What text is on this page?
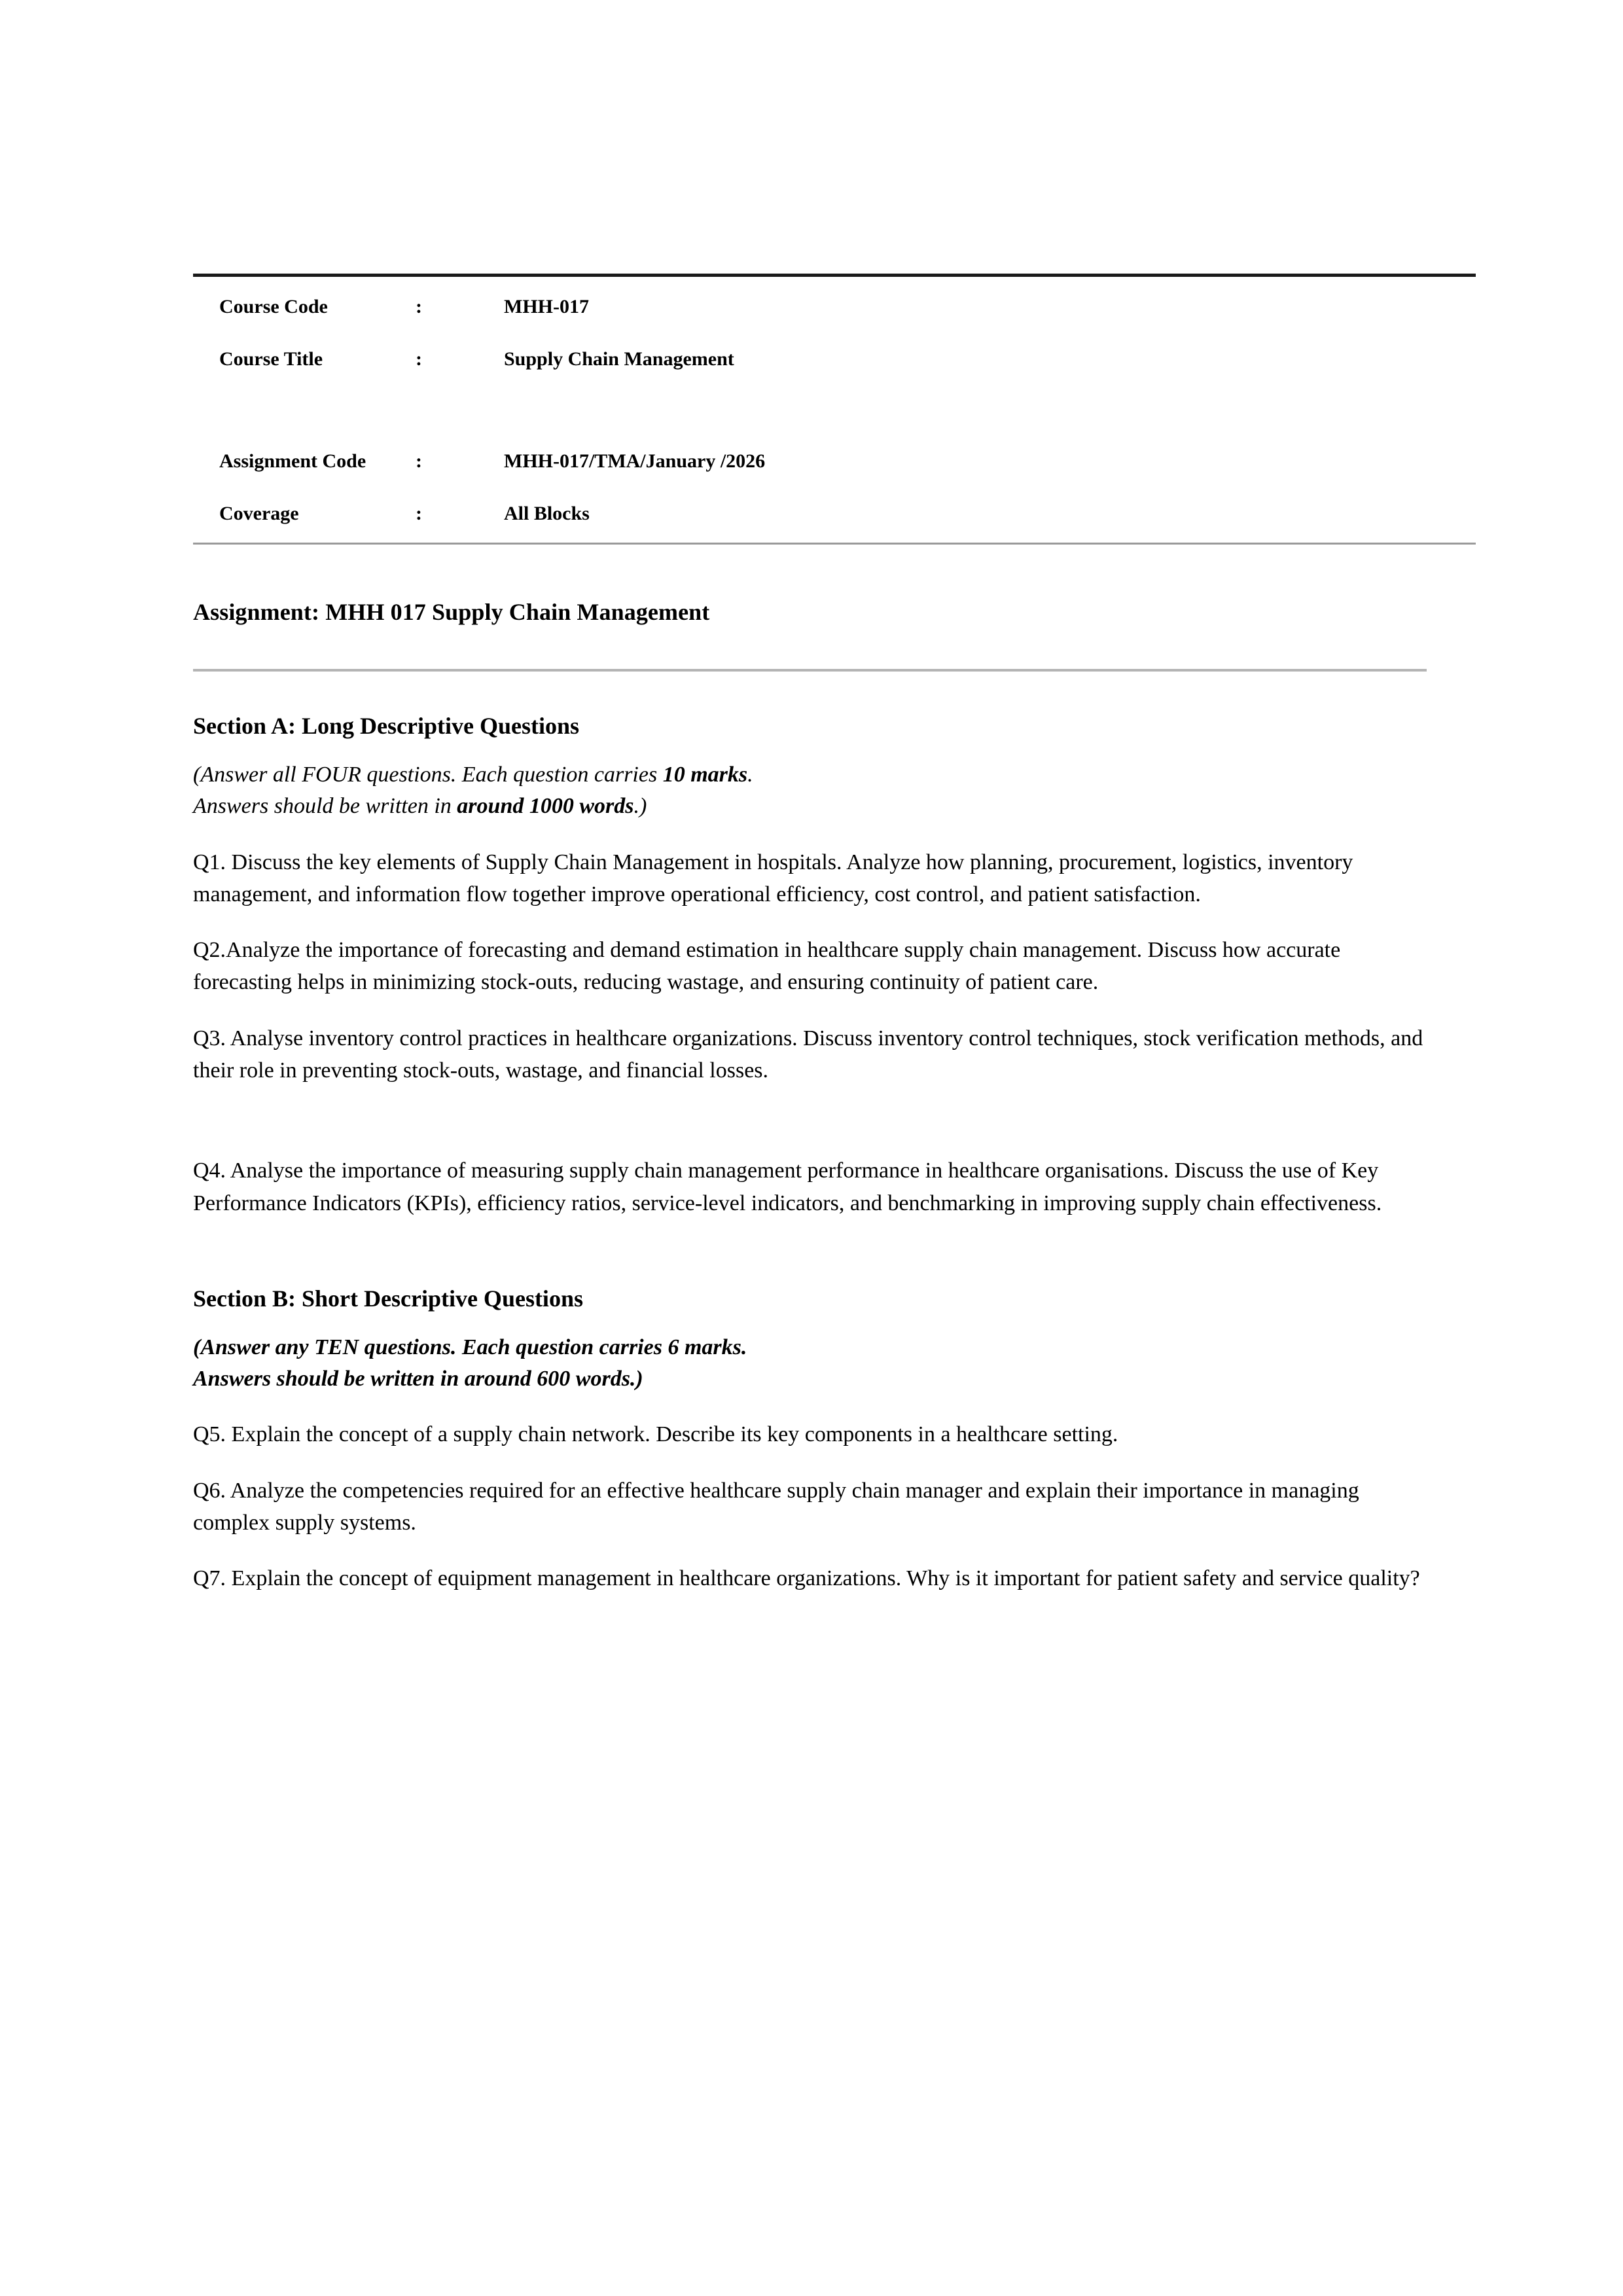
Course Code	:	MHH-017
Course Title	:	Supply Chain Management
Assignment Code	:	MHH-017/TMA/January /2026
Coverage	:	All Blocks
Assignment: MHH 017 Supply Chain Management
Section A: Long Descriptive Questions
(Answer all FOUR questions. Each question carries 10 marks.
Answers should be written in around 1000 words.)
Q1. Discuss the key elements of Supply Chain Management in hospitals. Analyze how planning, procurement, logistics, inventory management, and information flow together improve operational efficiency, cost control, and patient satisfaction.
Q2.Analyze the importance of forecasting and demand estimation in healthcare supply chain management. Discuss how accurate forecasting helps in minimizing stock-outs, reducing wastage, and ensuring continuity of patient care.
Q3. Analyse inventory control practices in healthcare organizations. Discuss inventory control techniques, stock verification methods, and their role in preventing stock-outs, wastage, and financial losses.
Q4. Analyse the importance of measuring supply chain management performance in healthcare organisations. Discuss the use of Key Performance Indicators (KPIs), efficiency ratios, service-level indicators, and benchmarking in improving supply chain effectiveness.
Section B: Short Descriptive Questions
(Answer any TEN questions. Each question carries 6 marks.
Answers should be written in around 600 words.)
Q5. Explain the concept of a supply chain network. Describe its key components in a healthcare setting.
Q6. Analyze the competencies required for an effective healthcare supply chain manager and explain their importance in managing complex supply systems.
Q7. Explain the concept of equipment management in healthcare organizations. Why is it important for patient safety and service quality?
